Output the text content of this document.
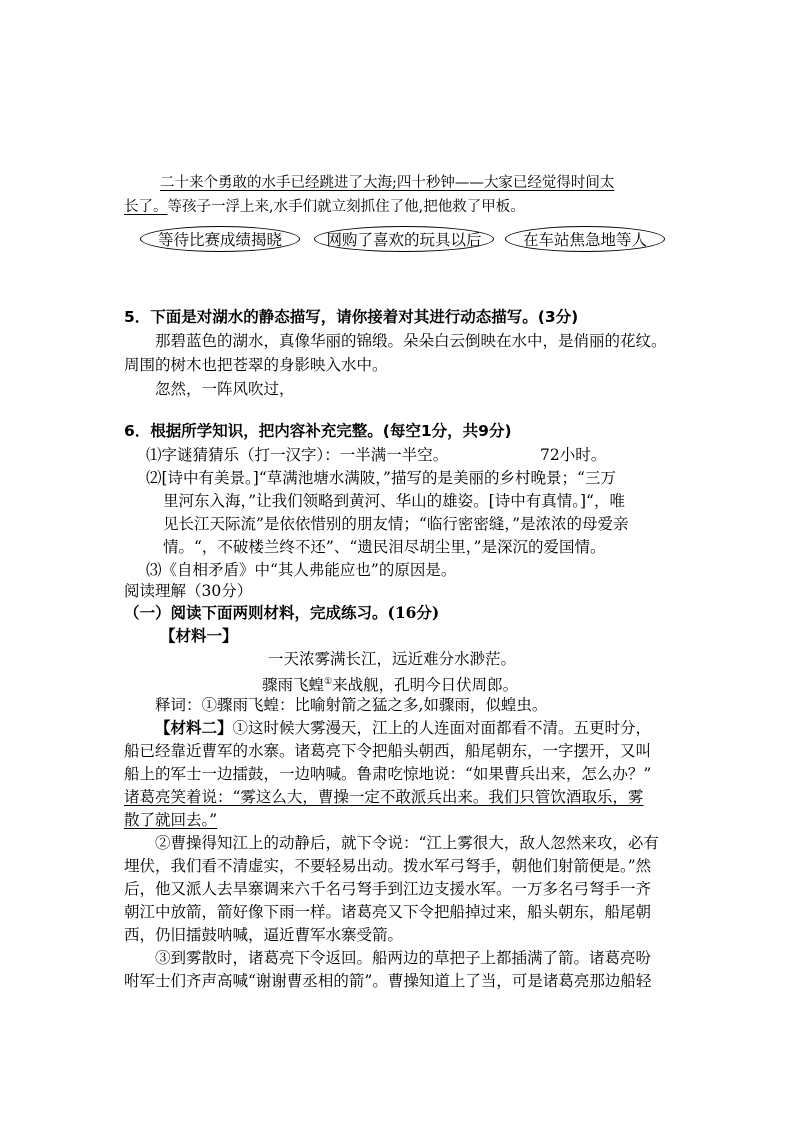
二十来个勇敢的水手已经跳进了大海;四十秒钟——大家已经觉得时间太
长了。等孩子一浮上来,水手们就立刻抓住了他,把他救了甲板。
等待比赛成绩揭晓	网购了喜欢的玩具以后	在车站焦急地等人
5．下面是对湖水的静态描写，请你接着对其进行动态描写。(3分)
那碧蓝色的湖水，真像华丽的锦缎。朵朵白云倒映在水中，是俏丽的花纹。
周围的树木也把苍翠的身影映入水中。
忽然，一阵风吹过，
6．根据所学知识，把内容补充完整。(每空1分，共9分)
⑴字谜猜猜乐（打一汉字）：一半满一半空。	72小时。
⑵[诗中有美景。]“草满池塘水满陂，”描写的是美丽的乡村晚景；“三万
里河东入海，”让我们领略到黄河、华山的雄姿。[诗中有真情。]“，唯
见长江天际流”是依依惜别的朋友情；“临行密密缝，”是浓浓的母爱亲
情。“，不破楼兰终不还”、“遗民泪尽胡尘里，”是深沉的爱国情。
⑶《自相矛盾》中“其人弗能应也”的原因是。
阅读理解（30分）
（一）阅读下面两则材料，完成练习。(16分)
【材料一】
一天浓雾满长江，远近难分水渺茫。
骤雨飞蝗①来战舰，孔明今日伏周郎。
释词：①骤雨飞蝗：比喻射箭之猛之多,如骤雨，似蝗虫。
【材料二】①这时候大雾漫天，江上的人连面对面都看不清。五更时分，
船已经靠近曹军的水寨。诸葛亮下令把船头朝西，船尾朝东，一字摆开，又叫
船上的军士一边擂鼓，一边呐喊。鲁肃吃惊地说：“如果曹兵出来，怎么办？”
诸葛亮笑着说：“雾这么大，曹操一定不敢派兵出来。我们只管饮酒取乐，雾
散了就回去。”
②曹操得知江上的动静后，就下令说：“江上雾很大，敌人忽然来攻，必有
埋伏，我们看不清虚实，不要轻易出动。拨水军弓弩手，朝他们射箭便是。”然
后，他又派人去旱寨调来六千名弓弩手到江边支援水军。一万多名弓弩手一齐
朝江中放箭，箭好像下雨一样。诸葛亮又下令把船掉过来，船头朝东，船尾朝
西，仍旧擂鼓呐喊，逼近曹军水寨受箭。
③到雾散时，诸葛亮下令返回。船两边的草把子上都插满了箭。诸葛亮吩
咐军士们齐声高喊“谢谢曹丞相的箭”。曹操知道上了当，可是诸葛亮那边船轻
